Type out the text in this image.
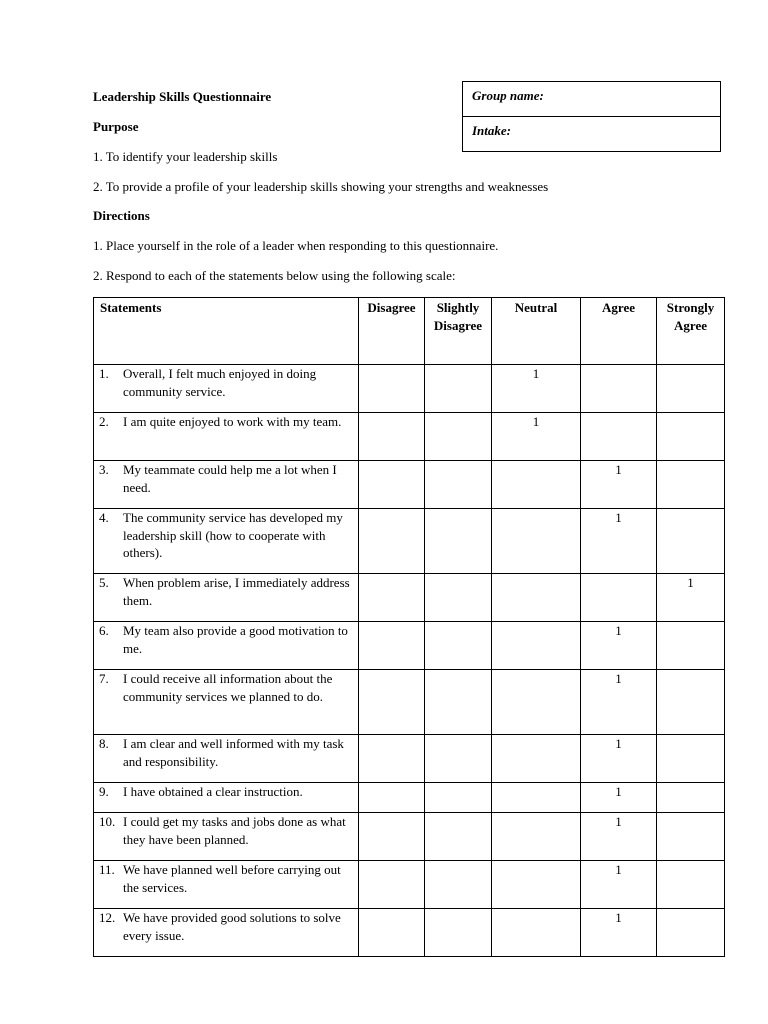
Leadership Skills Questionnaire	Group name:
Intake:
Purpose
1. To identify your leadership skills
2. To provide a profile of your leadership skills showing your strengths and weaknesses
Directions
1. Place yourself in the role of a leader when responding to this questionnaire.
2. Respond to each of the statements below using the following scale:
Statements	Disagree	Slightly Disagree	Neutral	Agree	Strongly Agree

1. Overall, I felt much enjoyed in doing community service.			1		

2. I am quite enjoyed to work with my team.			1		

3. My teammate could help me a lot when I need.				1	

4. The community service has developed my leadership skill (how to cooperate with others).				1	

5. When problem arise, I immediately address them.					1

6. My team also provide a good motivation to me.				1	

7. I could receive all information about the community services we planned to do.				1	

8. I am clear and well informed with my task and responsibility.				1	

9. I have obtained a clear instruction.				1	

10. I could get my tasks and jobs done as what they have been planned.				1	

11. We have planned well before carrying out the services.				1	

12. We have provided good solutions to solve every issue.				1	
